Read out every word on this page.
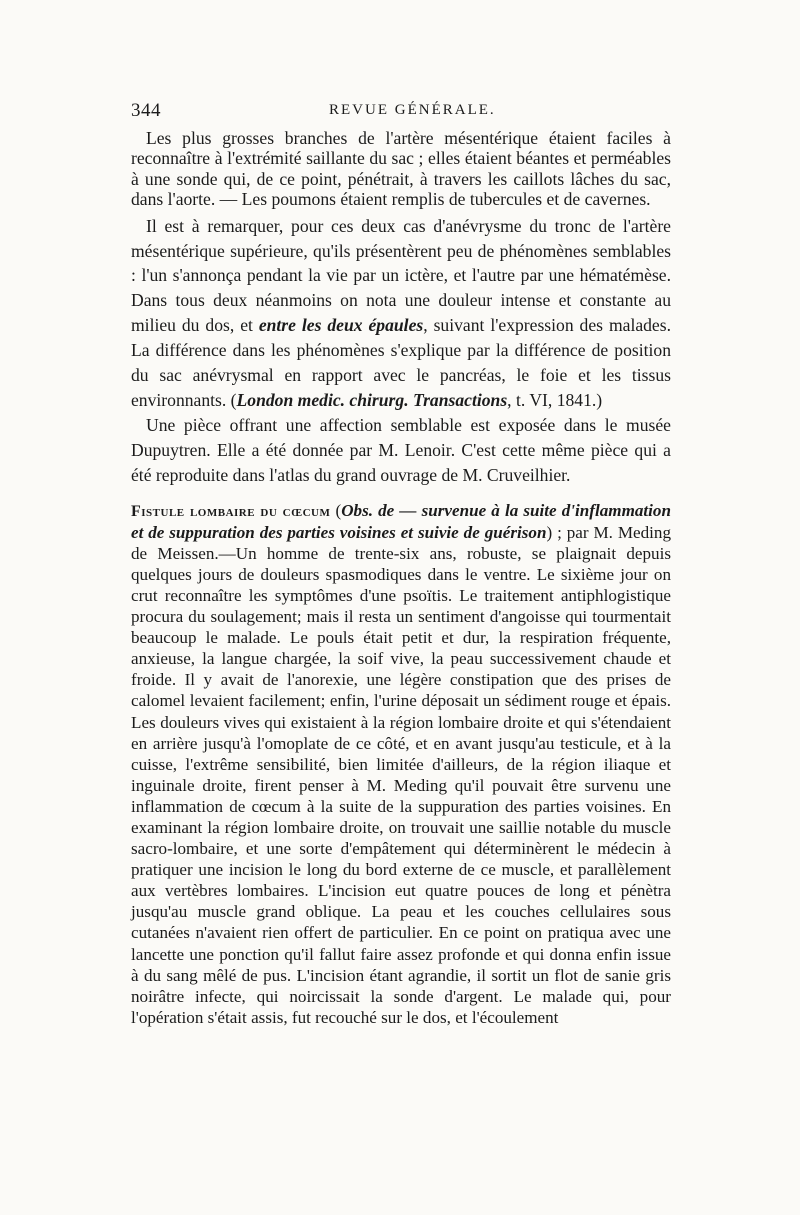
344	REVUE GÉNÉRALE.

Les plus grosses branches de l'artère mésentérique étaient faciles à reconnaître à l'extrémité saillante du sac ; elles étaient béantes et perméables à une sonde qui, de ce point, pénétrait, à travers les caillots lâches du sac, dans l'aorte. — Les poumons étaient remplis de tubercules et de cavernes.

Il est à remarquer, pour ces deux cas d'anévrysme du tronc de l'artère mésentérique supérieure, qu'ils présentèrent peu de phénomènes semblables : l'un s'annonça pendant la vie par un ictère, et l'autre par une hématémèse. Dans tous deux néanmoins on nota une douleur intense et constante au milieu du dos, et entre les deux épaules, suivant l'expression des malades. La différence dans les phénomènes s'explique par la différence de position du sac anévrysmal en rapport avec le pancréas, le foie et les tissus environnants. (London medic. chirurg. Transactions, t. VI, 1841.)

Une pièce offrant une affection semblable est exposée dans le musée Dupuytren. Elle a été donnée par M. Lenoir. C'est cette même pièce qui a été reproduite dans l'atlas du grand ouvrage de M. Cruveilhier.

Fistule lombaire du cœcum (Obs. de — survenue à la suite d'inflammation et de suppuration des parties voisines et suivie de guérison) ; par M. Meding de Meissen.—Un homme de trente-six ans, robuste, se plaignait depuis quelques jours de douleurs spasmodiques dans le ventre. Le sixième jour on crut reconnaître les symptômes d'une psoïtis. Le traitement antiphlogistique procura du soulagement; mais il resta un sentiment d'angoisse qui tourmentait beaucoup le malade. Le pouls était petit et dur, la respiration fréquente, anxieuse, la langue chargée, la soif vive, la peau successivement chaude et froide. Il y avait de l'anorexie, une légère constipation que des prises de calomel levaient facilement; enfin, l'urine déposait un sédiment rouge et épais. Les douleurs vives qui existaient à la région lombaire droite et qui s'étendaient en arrière jusqu'à l'omoplate de ce côté, et en avant jusqu'au testicule, et à la cuisse, l'extrême sensibilité, bien limitée d'ailleurs, de la région iliaque et inguinale droite, firent penser à M. Meding qu'il pouvait être survenu une inflammation de cœcum à la suite de la suppuration des parties voisines. En examinant la région lombaire droite, on trouvait une saillie notable du muscle sacro-lombaire, et une sorte d'empâtement qui déterminèrent le médecin à pratiquer une incision le long du bord externe de ce muscle, et parallèlement aux vertèbres lombaires. L'incision eut quatre pouces de long et pénètra jusqu'au muscle grand oblique. La peau et les couches cellulaires sous cutanées n'avaient rien offert de particulier. En ce point on pratiqua avec une lancette une ponction qu'il fallut faire assez profonde et qui donna enfin issue à du sang mêlé de pus. L'incision étant agrandie, il sortit un flot de sanie gris noirâtre infecte, qui noircissait la sonde d'argent. Le malade qui, pour l'opération s'était assis, fut recouché sur le dos, et l'écoulement
